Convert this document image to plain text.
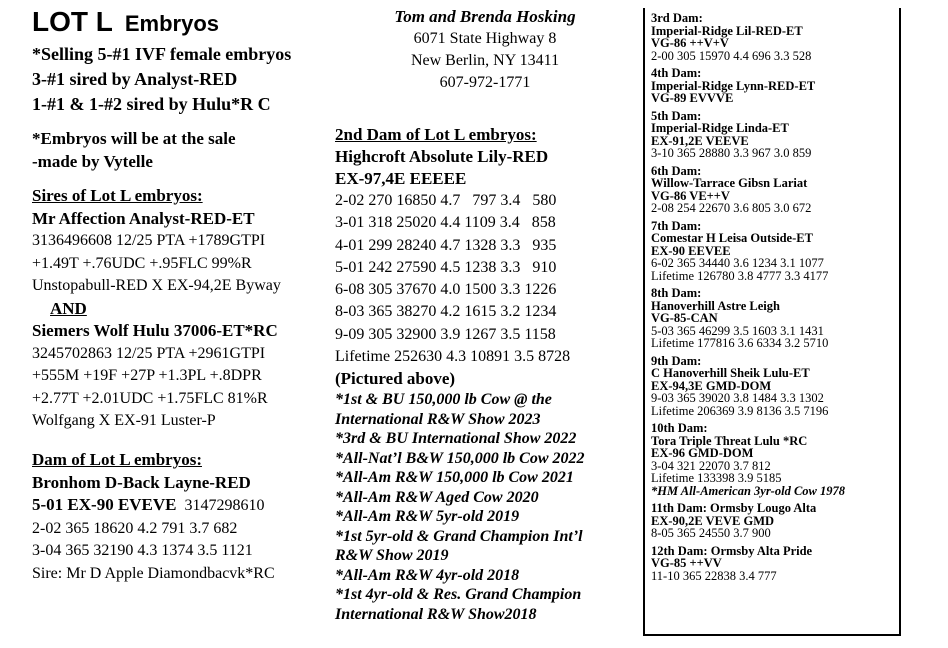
LOT L Embryos
*Selling 5-#1 IVF female embryos
3-#1 sired by Analyst-RED
1-#1 & 1-#2 sired by Hulu*R C
*Embryos will be at the sale
-made by Vytelle
Sires of Lot L embryos:
Mr Affection Analyst-RED-ET
3136496608 12/25 PTA +1789GTPI
+1.49T +.76UDC +.95FLC 99%R
Unstopabull-RED X EX-94,2E Byway
AND
Siemers Wolf Hulu 37006-ET*RC
3245702863 12/25 PTA +2961GTPI
+555M +19F +27P +1.3PL +.8DPR
+2.77T +2.01UDC +1.75FLC 81%R
Wolfgang X EX-91 Luster-P
Dam of Lot L embryos:
Bronhom D-Back Layne-RED
5-01 EX-90 EVEVE 3147298610
2-02 365 18620 4.2 791 3.7 682
3-04 365 32190 4.3 1374 3.5 1121
Sire: Mr D Apple Diamondbacvk*RC
Tom and Brenda Hosking
6071 State Highway 8
New Berlin, NY 13411
607-972-1771
2nd Dam of Lot L embryos:
Highcroft Absolute Lily-RED
EX-97,4E EEEEE
2-02 270 16850 4.7   797 3.4   580
3-01 318 25020 4.4 1109 3.4   858
4-01 299 28240 4.7 1328 3.3   935
5-01 242 27590 4.5 1238 3.3   910
6-08 305 37670 4.0 1500 3.3 1226
8-03 365 38270 4.2 1615 3.2 1234
9-09 305 32900 3.9 1267 3.5 1158
Lifetime 252630 4.3 10891 3.5 8728
(Pictured above)
*1st & BU 150,000 lb Cow @ the
International R&W Show 2023
*3rd & BU International Show 2022
*All-Nat’l B&W 150,000 lb Cow 2022
*All-Am R&W 150,000 lb Cow 2021
*All-Am R&W Aged Cow 2020
*All-Am R&W 5yr-old 2019
*1st 5yr-old & Grand Champion Int’l
R&W Show 2019
*All-Am R&W 4yr-old 2018
*1st 4yr-old & Res. Grand Champion
International R&W Show2018

3rd Dam:

Imperial-Ridge Lil-RED-ET

VG-86 ++V+V

2-00 305 15970 4.4 696 3.3 528

4th Dam:

Imperial-Ridge Lynn-RED-ET

VG-89 EVVVE

5th Dam:

Imperial-Ridge Linda-ET

EX-91,2E VEEVE

3-10 365 28880 3.3 967 3.0 859

6th Dam:

Willow-Tarrace Gibsn Lariat

VG-86 VE++V

2-08 254 22670 3.6 805 3.0 672

7th Dam:

Comestar H Leisa Outside-ET

EX-90 EEVEE

6-02 365 34440 3.6 1234 3.1 1077

Lifetime 126780 3.8 4777 3.3 4177

8th Dam:

Hanoverhill Astre Leigh

VG-85-CAN

5-03 365 46299 3.5 1603 3.1 1431

Lifetime 177816 3.6 6334 3.2 5710

9th Dam:

C Hanoverhill Sheik Lulu-ET

EX-94,3E GMD-DOM

9-03 365 39020 3.8 1484 3.3 1302

Lifetime 206369 3.9 8136 3.5 7196

10th Dam:

Tora Triple Threat Lulu *RC

EX-96 GMD-DOM

3-04 321 22070 3.7 812

Lifetime 133398 3.9 5185

*HM All-American 3yr-old Cow 1978

11th Dam: Ormsby Lougo Alta

EX-90,2E VEVE GMD

8-05 365 24550 3.7 900

12th Dam: Ormsby Alta Pride

VG-85 ++VV

11-10 365 22838 3.4 777
